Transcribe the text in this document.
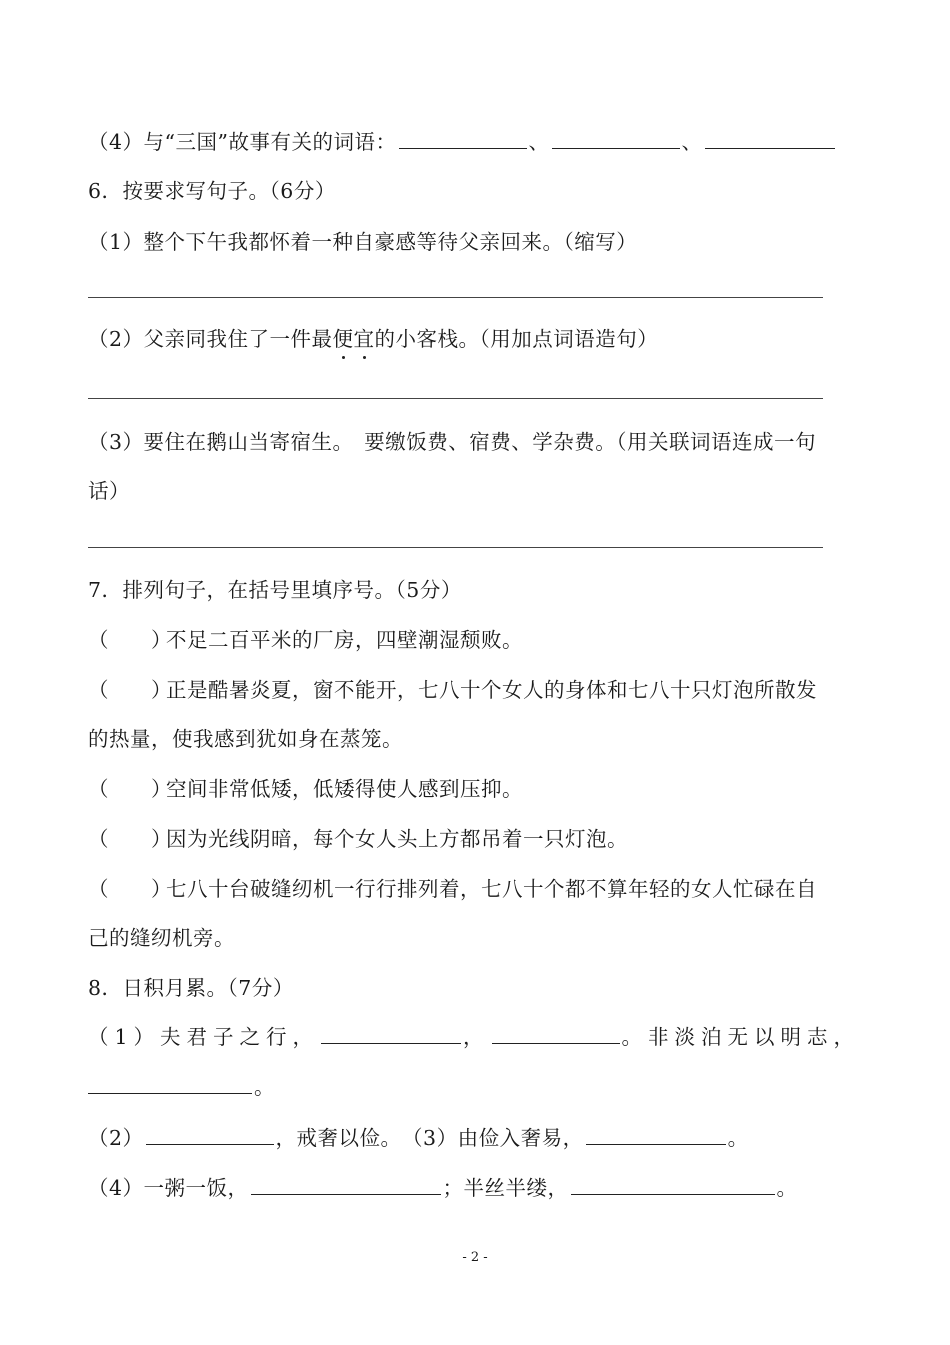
（4）与“三国”故事有关的词语：	、	、
6．按要求写句子。（6分）
（1）整个下午我都怀着一种自豪感等待父亲回来。（缩写）
（2）父亲同我住了一件最便宜的小客栈。（用加点词语造句）
（3）要住在鹅山当寄宿生。　要缴饭费、宿费、学杂费。（用关联词语连成一句
话）
7．排列句子，在括号里填序号。（5分）
（　　）不足二百平米的厂房，四壁潮湿颓败。
（　　）正是酷暑炎夏，窗不能开，七八十个女人的身体和七八十只灯泡所散发
的热量，使我感到犹如身在蒸笼。
（　　）空间非常低矮，低矮得使人感到压抑。
（　　）因为光线阴暗，每个女人头上方都吊着一只灯泡。
（　　）七八十台破缝纫机一行行排列着，七八十个都不算年轻的女人忙碌在自
己的缝纫机旁。
8．日积月累。（7分）
（1）夫君子之行，	，	。非淡泊无以明志，
。
（2）	，戒奢以俭。　（3）由俭入奢易，	。
（4）一粥一饭，	；半丝半缕，	。
- 2 -
